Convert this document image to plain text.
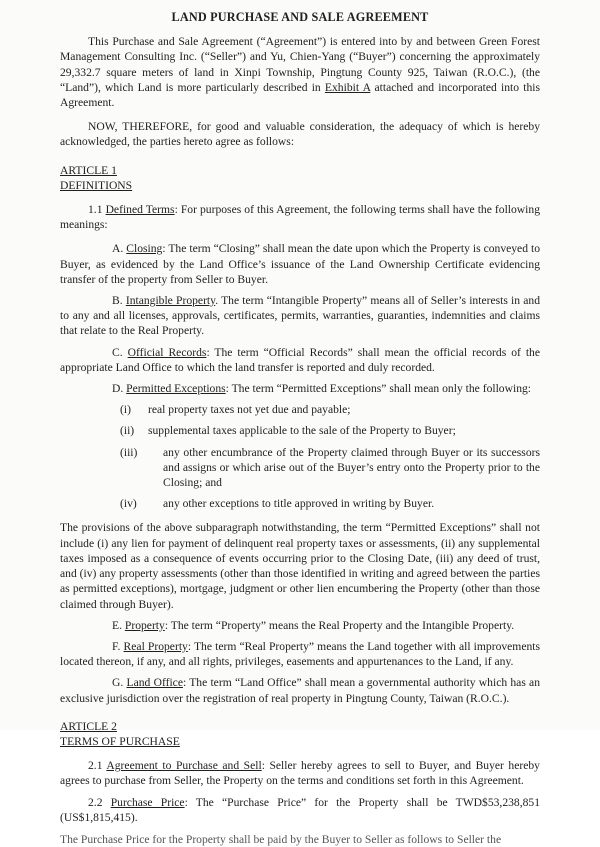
LAND PURCHASE AND SALE AGREEMENT

This Purchase and Sale Agreement (“Agreement”) is entered into by and between Green Forest Management Consulting Inc. (“Seller”) and Yu, Chien-Yang (“Buyer”) concerning the approximately 29,332.7 square meters of land in Xinpi Township, Pingtung County 925, Taiwan (R.O.C.), (the “Land”), which Land is more particularly described in Exhibit A attached and incorporated into this Agreement.

NOW, THEREFORE, for good and valuable consideration, the adequacy of which is hereby acknowledged, the parties hereto agree as follows:

ARTICLE 1
DEFINITIONS

1.1 Defined Terms: For purposes of this Agreement, the following terms shall have the following meanings:

A. Closing: The term “Closing” shall mean the date upon which the Property is conveyed to Buyer, as evidenced by the Land Office’s issuance of the Land Ownership Certificate evidencing transfer of the property from Seller to Buyer.

B. Intangible Property. The term “Intangible Property” means all of Seller’s interests in and to any and all licenses, approvals, certificates, permits, warranties, guaranties, indemnities and claims that relate to the Real Property.

C. Official Records: The term “Official Records” shall mean the official records of the appropriate Land Office to which the land transfer is reported and duly recorded.

D. Permitted Exceptions: The term “Permitted Exceptions” shall mean only the following:

(i) real property taxes not yet due and payable;
(ii) supplemental taxes applicable to the sale of the Property to Buyer;
(iii) any other encumbrance of the Property claimed through Buyer or its successors and assigns or which arise out of the Buyer’s entry onto the Property prior to the Closing; and
(iv) any other exceptions to title approved in writing by Buyer.

The provisions of the above subparagraph notwithstanding, the term “Permitted Exceptions” shall not include (i) any lien for payment of delinquent real property taxes or assessments, (ii) any supplemental taxes imposed as a consequence of events occurring prior to the Closing Date, (iii) any deed of trust, and (iv) any property assessments (other than those identified in writing and agreed between the parties as permitted exceptions), mortgage, judgment or other lien encumbering the Property (other than those claimed through Buyer).

E. Property: The term “Property” means the Real Property and the Intangible Property.

F. Real Property: The term “Real Property” means the Land together with all improvements located thereon, if any, and all rights, privileges, easements and appurtenances to the Land, if any.

G. Land Office: The term “Land Office” shall mean a governmental authority which has an exclusive jurisdiction over the registration of real property in Pingtung County, Taiwan (R.O.C.).

ARTICLE 2
TERMS OF PURCHASE

2.1 Agreement to Purchase and Sell: Seller hereby agrees to sell to Buyer, and Buyer hereby agrees to purchase from Seller, the Property on the terms and conditions set forth in this Agreement.

2.2 Purchase Price: The “Purchase Price” for the Property shall be TWD$53,238,851 (US$1,815,415).

The Purchase Price for the Property shall be paid by the Buyer to Seller as follows to Seller the
